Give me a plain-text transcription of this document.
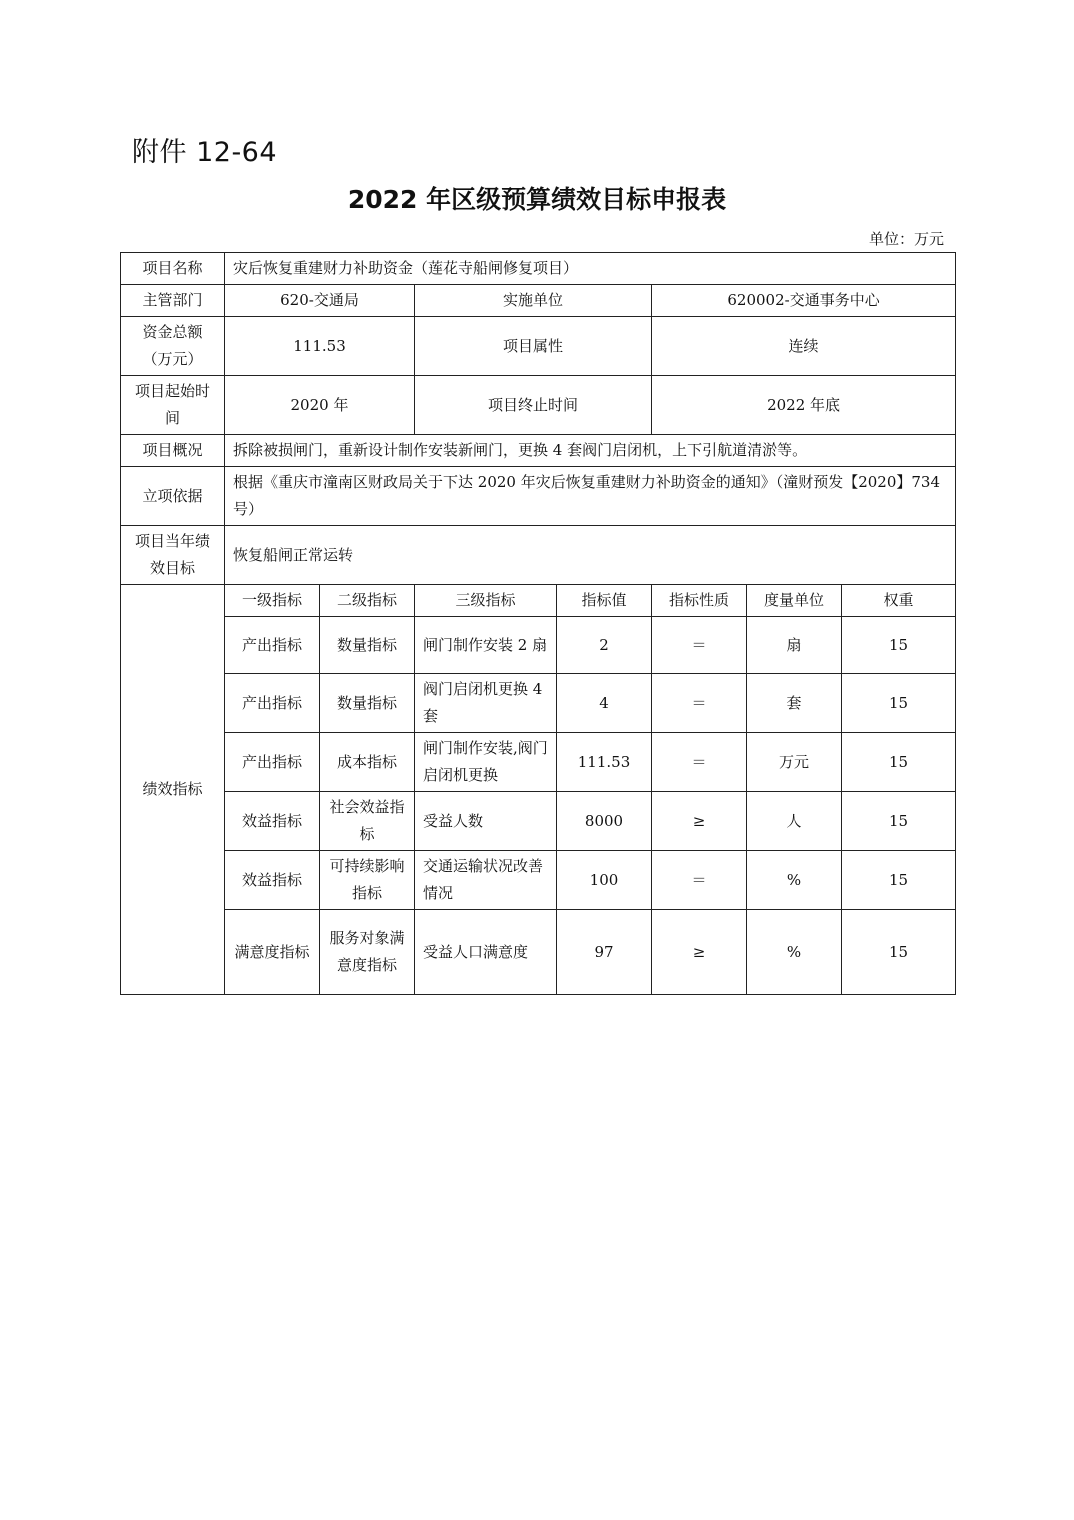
附件 12-64
2022 年区级预算绩效目标申报表
单位：万元
项目名称	灾后恢复重建财力补助资金（莲花寺船闸修复项目）						
主管部门	620-交通局		实施单位		620002-交通事务中心		
资金总额（万元）	111.53		项目属性		连续		
项目起始时间	2020 年		项目终止时间		2022 年底		
项目概况	拆除被损闸门，重新设计制作安装新闸门，更换 4 套阀门启闭机，上下引航道清淤等。						
立项依据	根据《重庆市潼南区财政局关于下达 2020 年灾后恢复重建财力补助资金的通知》（潼财预发【2020】734 号）						
项目当年绩效目标	恢复船闸正常运转						
绩效指标	一级指标	二级指标	三级指标	指标值	指标性质	度量单位	权重
	产出指标	数量指标	闸门制作安装 2 扇	2	＝	扇	15
	产出指标	数量指标	阀门启闭机更换 4 套	4	＝	套	15
	产出指标	成本指标	闸门制作安装,阀门启闭机更换	111.53	＝	万元	15
	效益指标	社会效益指标	受益人数	8000	≥	人	15
	效益指标	可持续影响指标	交通运输状况改善情况	100	＝	%	15
	满意度指标	服务对象满意度指标	受益人口满意度	97	≥	%	15
